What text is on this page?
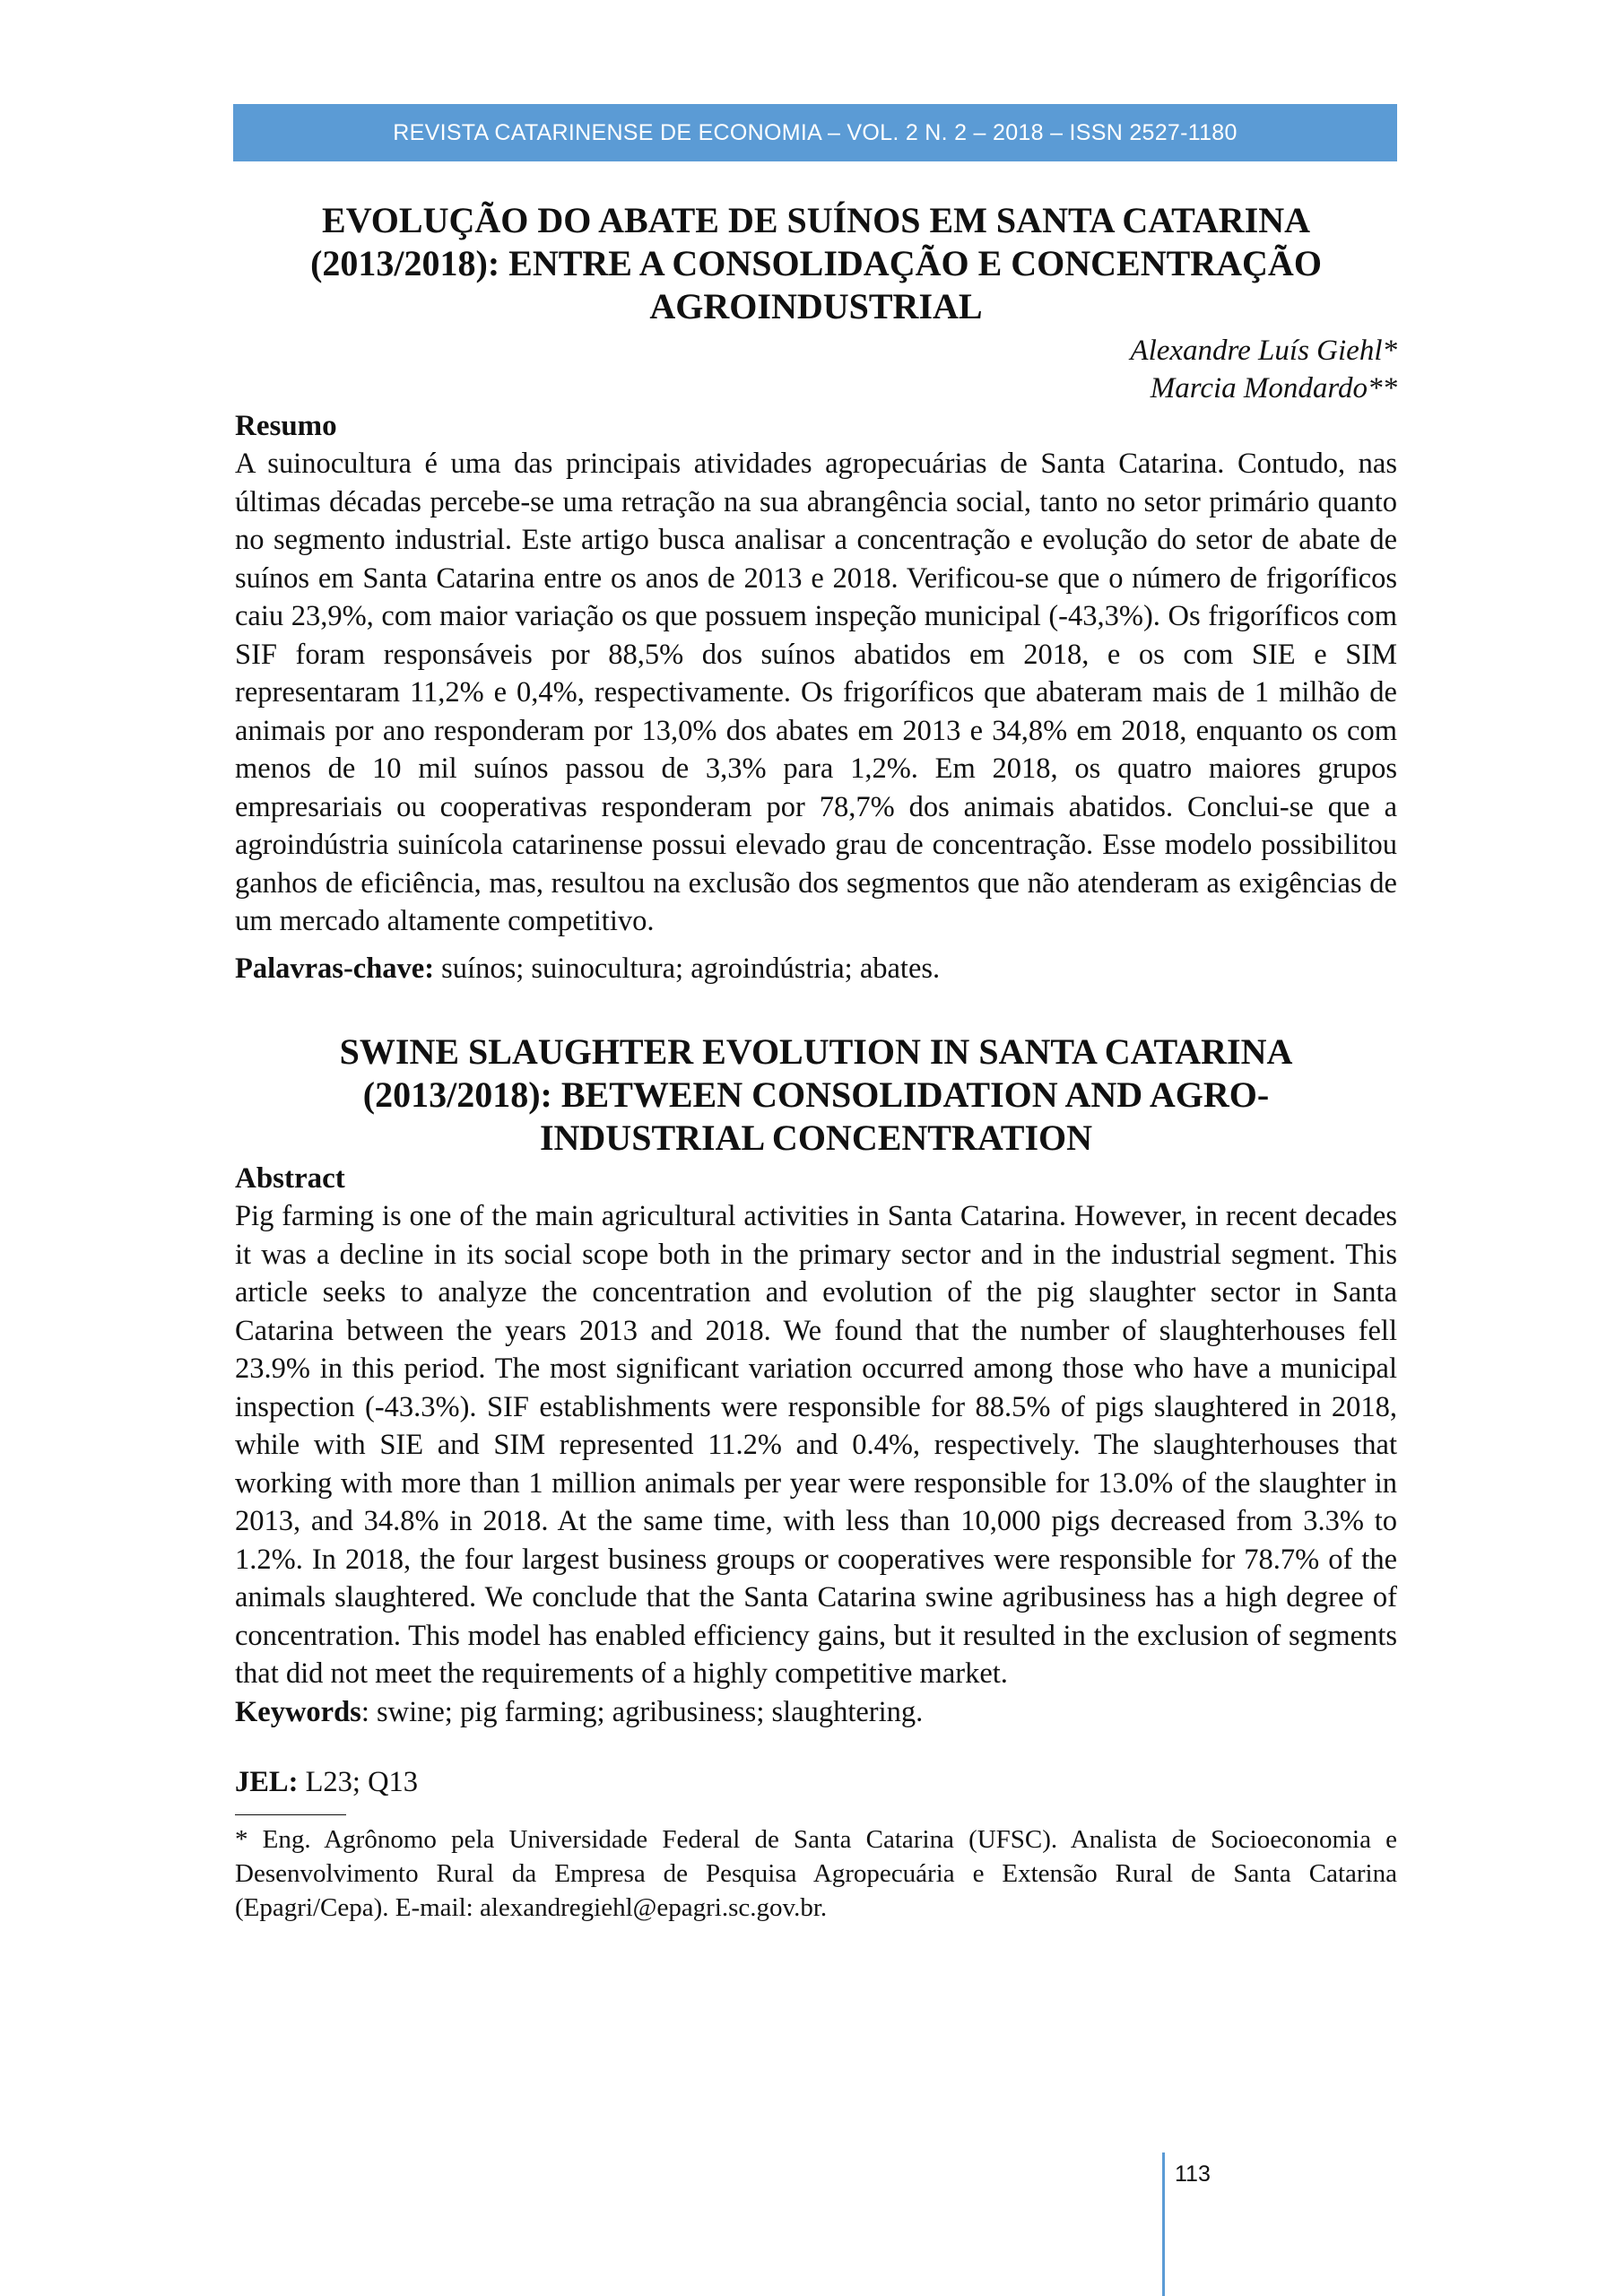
REVISTA CATARINENSE DE ECONOMIA – VOL. 2 N. 2 – 2018 – ISSN 2527-1180
EVOLUÇÃO DO ABATE DE SUÍNOS EM SANTA CATARINA
(2013/2018): ENTRE A CONSOLIDAÇÃO E CONCENTRAÇÃO
AGROINDUSTRIAL
Alexandre Luís Giehl*
Marcia Mondardo**
Resumo

A suinocultura é uma das principais atividades agropecuárias de Santa Catarina. Contudo, nas últimas décadas percebe-se uma retração na sua abrangência social, tanto no setor primário quanto no segmento industrial. Este artigo busca analisar a concentração e evolução do setor de abate de suínos em Santa Catarina entre os anos de 2013 e 2018. Verificou-se que o número de frigoríficos caiu 23,9%, com maior variação os que possuem inspeção municipal (-43,3%). Os frigoríficos com SIF foram responsáveis por 88,5% dos suínos abatidos em 2018, e os com SIE e SIM representaram 11,2% e 0,4%, respectivamente. Os frigoríficos que abateram mais de 1 milhão de animais por ano responderam por 13,0% dos abates em 2013 e 34,8% em 2018, enquanto os com menos de 10 mil suínos passou de 3,3% para 1,2%. Em 2018, os quatro maiores grupos empresariais ou cooperativas responderam por 78,7% dos animais abatidos. Conclui-se que a agroindústria suinícola catarinense possui elevado grau de concentração. Esse modelo possibilitou ganhos de eficiência, mas, resultou na exclusão dos segmentos que não atenderam as exigências de um mercado altamente competitivo.

Palavras-chave: suínos; suinocultura; agroindústria; abates.
SWINE SLAUGHTER EVOLUTION IN SANTA CATARINA
(2013/2018): BETWEEN CONSOLIDATION AND AGRO-
INDUSTRIAL CONCENTRATION
Abstract

Pig farming is one of the main agricultural activities in Santa Catarina. However, in recent decades it was a decline in its social scope both in the primary sector and in the industrial segment. This article seeks to analyze the concentration and evolution of the pig slaughter sector in Santa Catarina between the years 2013 and 2018. We found that the number of slaughterhouses fell 23.9% in this period. The most significant variation occurred among those who have a municipal inspection (-43.3%). SIF establishments were responsible for 88.5% of pigs slaughtered in 2018, while with SIE and SIM represented 11.2% and 0.4%, respectively. The slaughterhouses that working with more than 1 million animals per year were responsible for 13.0% of the slaughter in 2013, and 34.8% in 2018. At the same time, with less than 10,000 pigs decreased from 3.3% to 1.2%. In 2018, the four largest business groups or cooperatives were responsible for 78.7% of the animals slaughtered. We conclude that the Santa Catarina swine agribusiness has a high degree of concentration. This model has enabled efficiency gains, but it resulted in the exclusion of segments that did not meet the requirements of a highly competitive market.

Keywords: swine; pig farming; agribusiness; slaughtering.
JEL: L23; Q13

* Eng. Agrônomo pela Universidade Federal de Santa Catarina (UFSC). Analista de Socioeconomia e Desenvolvimento Rural da Empresa de Pesquisa Agropecuária e Extensão Rural de Santa Catarina (Epagri/Cepa). E-mail: alexandregiehl@epagri.sc.gov.br.

113
